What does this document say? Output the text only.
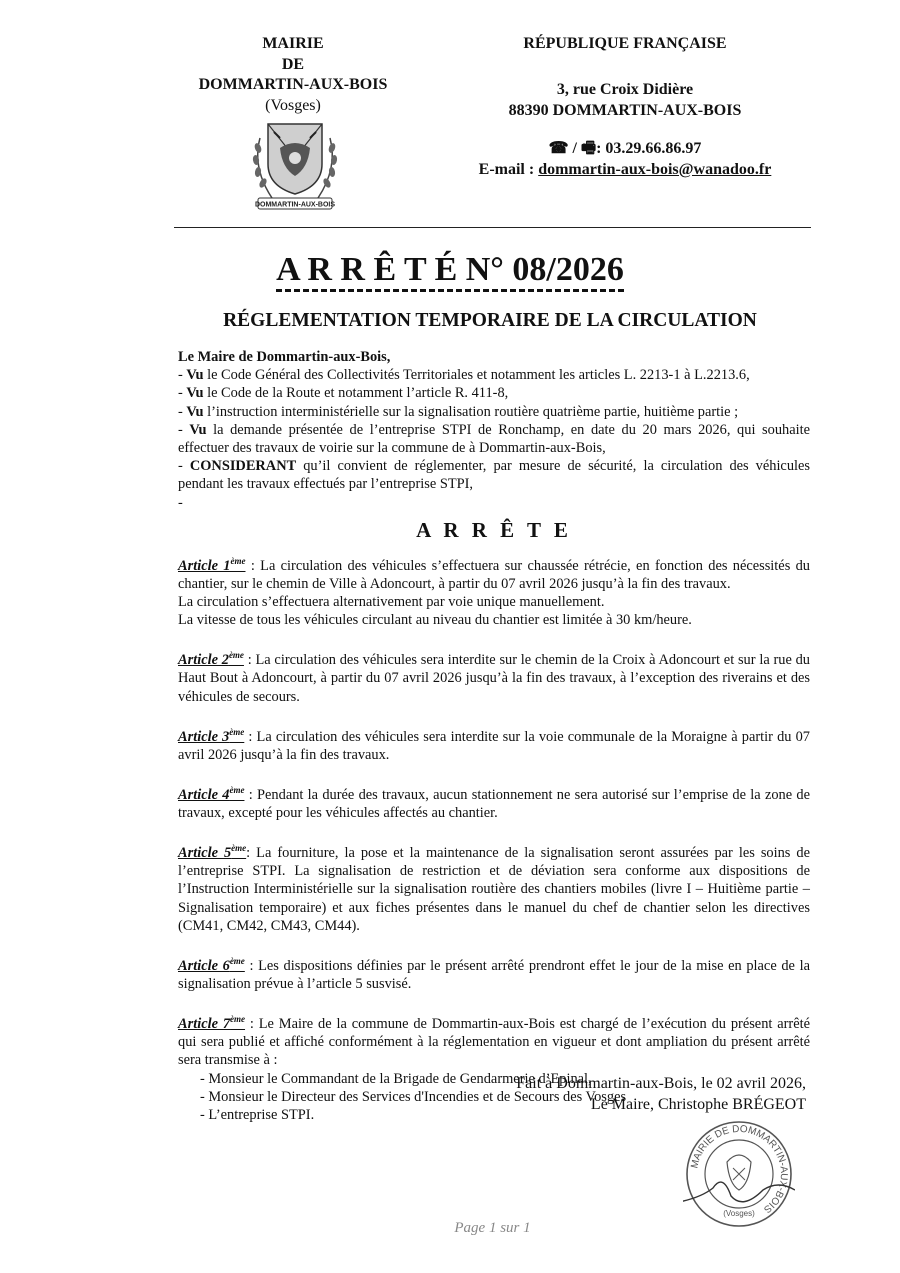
MAIRIE
DE
DOMMARTIN-AUX-BOIS
(Vosges)
DOMMARTIN-AUX-BOIS
RÉPUBLIQUE FRANÇAISE
3, rue Croix Didière
88390 DOMMARTIN-AUX-BOIS
☎ / 🖷: 03.29.66.86.97
E-mail : dommartin-aux-bois@wanadoo.fr
A R R Ê T É N° 08/2026
RÉGLEMENTATION TEMPORAIRE DE LA CIRCULATION

Le Maire de Dommartin-aux-Bois,

- Vu le Code Général des Collectivités Territoriales et notamment les articles L. 2213-1 à L.2213.6,

- Vu le Code de la Route et notamment l’article R. 411-8,

- Vu l’instruction interministérielle sur la signalisation routière quatrième partie, huitième partie ;

- Vu la demande présentée de l’entreprise STPI de Ronchamp, en date du 20 mars 2026, qui souhaite effectuer des travaux de voirie sur la commune de à Dommartin-aux-Bois,

- CONSIDERANT qu’il convient de réglementer, par mesure de sécurité, la circulation des véhicules pendant les travaux effectués par l’entreprise STPI,

-

A R R Ê T E

Article 1ème : La circulation des véhicules s’effectuera sur chaussée rétrécie, en fonction des nécessités du chantier, sur le chemin de Ville à Adoncourt, à partir du 07 avril 2026 jusqu’à la fin des travaux.
La circulation s’effectuera alternativement par voie unique manuellement.
La vitesse de tous les véhicules circulant au niveau du chantier est limitée à 30 km/heure.

Article 2ème : La circulation des véhicules sera interdite sur le chemin de la Croix à Adoncourt et sur la rue du Haut Bout à Adoncourt, à partir du 07 avril 2026 jusqu’à la fin des travaux, à l’exception des riverains et des véhicules de secours.

Article 3ème : La circulation des véhicules sera interdite sur la voie communale de la Moraigne à partir du 07 avril 2026 jusqu’à la fin des travaux.

Article 4ème : Pendant la durée des travaux, aucun stationnement ne sera autorisé sur l’emprise de la zone de travaux, excepté pour les véhicules affectés au chantier.

Article 5ème: La fourniture, la pose et la maintenance de la signalisation seront assurées par les soins de l’entreprise STPI. La signalisation de restriction et de déviation sera conforme aux dispositions de l’Instruction Interministérielle sur la signalisation routière des chantiers mobiles (livre I – Huitième partie – Signalisation temporaire) et aux fiches présentes dans le manuel du chef de chantier selon les directives (CM41, CM42, CM43, CM44).

Article 6ème : Les dispositions définies par le présent arrêté prendront effet le jour de la mise en place de la signalisation prévue à l’article 5 susvisé.

Article 7ème : Le Maire de la commune de Dommartin-aux-Bois est chargé de l’exécution du présent arrêté qui sera publié et affiché conformément à la réglementation en vigueur et dont ampliation du présent arrêté sera transmise à :

- Monsieur le Commandant de la Brigade de Gendarmerie d’Epinal,
- Monsieur le Directeur des Services d'Incendies et de Secours des Vosges
- L’entreprise STPI.
Fait à Dommartin-aux-Bois, le 02 avril 2026,
Le Maire, Christophe BRÉGEOT
MAIRIE DE DOMMARTIN-AUX-BOIS
(Vosges)
Page 1 sur 1
